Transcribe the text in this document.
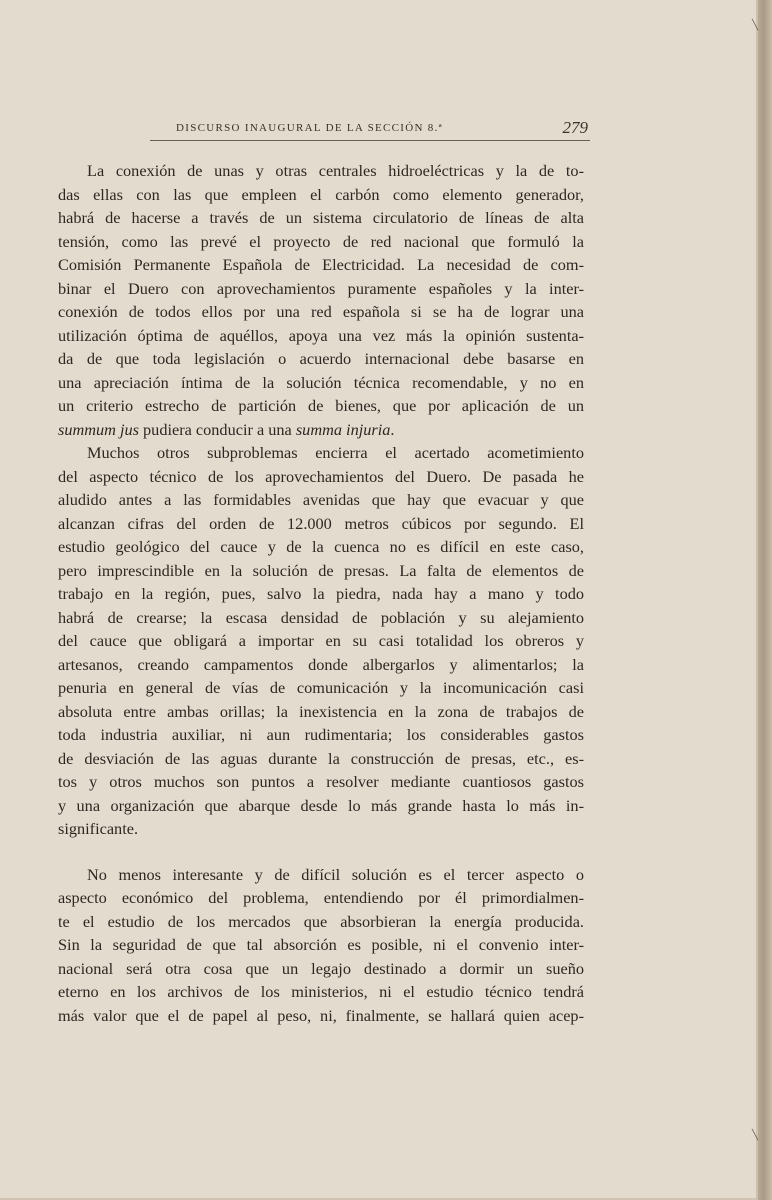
DISCURSO INAUGURAL DE LA SECCIÓN 8.ª	279
La conexión de unas y otras centrales hidroeléctricas y la de to-
das ellas con las que empleen el carbón como elemento generador,
habrá de hacerse a través de un sistema circulatorio de líneas de alta
tensión, como las prevé el proyecto de red nacional que formuló la
Comisión Permanente Española de Electricidad. La necesidad de com-
binar el Duero con aprovechamientos puramente españoles y la inter-
conexión de todos ellos por una red española si se ha de lograr una
utilización óptima de aquéllos, apoya una vez más la opinión sustenta-
da de que toda legislación o acuerdo internacional debe basarse en
una apreciación íntima de la solución técnica recomendable, y no en
un criterio estrecho de partición de bienes, que por aplicación de un
summum jus pudiera conducir a una summa injuria.
Muchos otros subproblemas encierra el acertado acometimiento
del aspecto técnico de los aprovechamientos del Duero. De pasada he
aludido antes a las formidables avenidas que hay que evacuar y que
alcanzan cifras del orden de 12.000 metros cúbicos por segundo. El
estudio geológico del cauce y de la cuenca no es difícil en este caso,
pero imprescindible en la solución de presas. La falta de elementos de
trabajo en la región, pues, salvo la piedra, nada hay a mano y todo
habrá de crearse; la escasa densidad de población y su alejamiento
del cauce que obligará a importar en su casi totalidad los obreros y
artesanos, creando campamentos donde albergarlos y alimentarlos; la
penuria en general de vías de comunicación y la incomunicación casi
absoluta entre ambas orillas; la inexistencia en la zona de trabajos de
toda industria auxiliar, ni aun rudimentaria; los considerables gastos
de desviación de las aguas durante la construcción de presas, etc., es-
tos y otros muchos son puntos a resolver mediante cuantiosos gastos
y una organización que abarque desde lo más grande hasta lo más in-
significante.
No menos interesante y de difícil solución es el tercer aspecto o
aspecto económico del problema, entendiendo por él primordialmen-
te el estudio de los mercados que absorbieran la energía producida.
Sin la seguridad de que tal absorción es posible, ni el convenio inter-
nacional será otra cosa que un legajo destinado a dormir un sueño
eterno en los archivos de los ministerios, ni el estudio técnico tendrá
más valor que el de papel al peso, ni, finalmente, se hallará quien acep-
╲
╲
